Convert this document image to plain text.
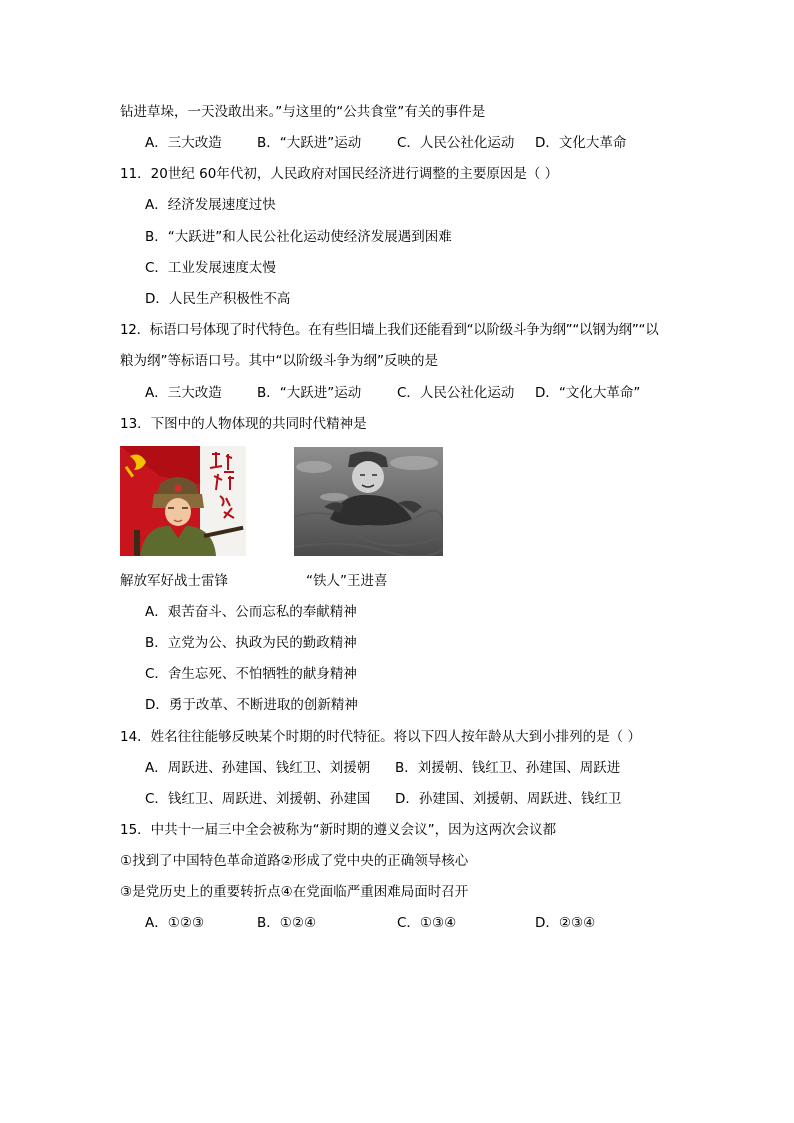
钻进草垛，一天没敢出来。”与这里的“公共食堂”有关的事件是
A．三大改造	B．“大跃进”运动	C．人民公社化运动 D．文化大革命
11．20世纪 60年代初，人民政府对国民经济进行调整的主要原因是（ ）
A．经济发展速度过快
B．“大跃进”和人民公社化运动使经济发展遇到困难
C．工业发展速度太慢
D．人民生产积极性不高
12．标语口号体现了时代特色。在有些旧墙上我们还能看到“以阶级斗争为纲”“以钢为纲”“以
粮为纲”等标语口号。其中“以阶级斗争为纲”反映的是
A．三大改造	B．“大跃进”运动	C．人民公社化运动 D．“文化大革命”
13．下图中的人物体现的共同时代精神是
解放军好战士雷锋	“铁人”王进喜
A．艰苦奋斗、公而忘私的奉献精神
B．立党为公、执政为民的勤政精神
C．舍生忘死、不怕牺牲的献身精神
D．勇于改革、不断进取的创新精神
14．姓名往往能够反映某个时期的时代特征。将以下四人按年龄从大到小排列的是（ ）
A．周跃进、孙建国、钱红卫、刘援朝 B．刘援朝、钱红卫、孙建国、周跃进
C．钱红卫、周跃进、刘援朝、孙建国 D．孙建国、刘援朝、周跃进、钱红卫
15．中共十一届三中全会被称为“新时期的遵义会议”，因为这两次会议都
①找到了中国特色革命道路②形成了党中央的正确领导核心
③是党历史上的重要转折点④在党面临严重困难局面时召开
A．①②③	B．①②④	C．①③④	D．②③④
